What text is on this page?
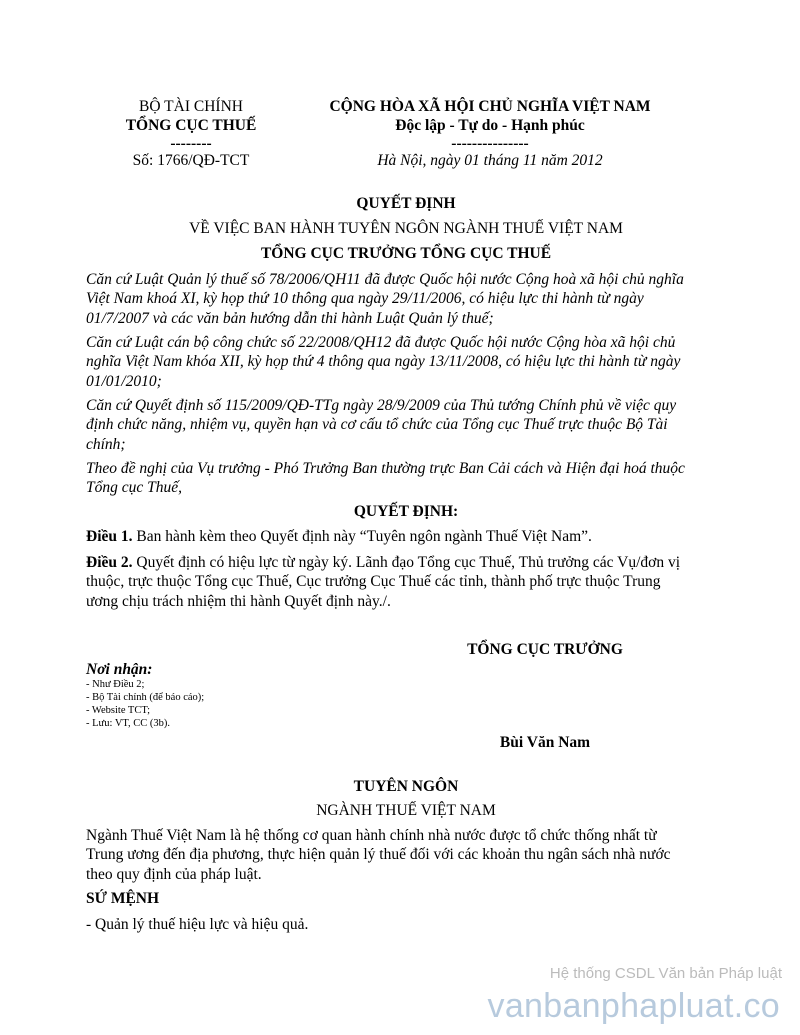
BỘ TÀI CHÍNH
TỔNG CỤC THUẾ
--------
Số: 1766/QĐ-TCT
CỘNG HÒA XÃ HỘI CHỦ NGHĨA VIỆT NAM
Độc lập - Tự do - Hạnh phúc
---------------
Hà Nội, ngày 01 tháng 11 năm 2012
QUYẾT ĐỊNH
VỀ VIỆC BAN HÀNH TUYÊN NGÔN NGÀNH THUẾ VIỆT NAM
TỔNG CỤC TRƯỞNG TỔNG CỤC THUẾ
Căn cứ Luật Quản lý thuế số 78/2006/QH11 đã được Quốc hội nước Cộng hoà xã hội chủ nghĩa
Việt Nam khoá XI, kỳ họp thứ 10 thông qua ngày 29/11/2006, có hiệu lực thi hành từ ngày
01/7/2007 và các văn bản hướng dẫn thi hành Luật Quản lý thuế;
Căn cứ Luật cán bộ công chức số 22/2008/QH12 đã được Quốc hội nước Cộng hòa xã hội chủ
nghĩa Việt Nam khóa XII, kỳ họp thứ 4 thông qua ngày 13/11/2008, có hiệu lực thi hành từ ngày
01/01/2010;
Căn cứ Quyết định số 115/2009/QĐ-TTg ngày 28/9/2009 của Thủ tướng Chính phủ về việc quy
định chức năng, nhiệm vụ, quyền hạn và cơ cấu tổ chức của Tổng cục Thuế trực thuộc Bộ Tài
chính;
Theo đề nghị của Vụ trưởng - Phó Trưởng Ban thường trực Ban Cải cách và Hiện đại hoá thuộc
Tổng cục Thuế,
QUYẾT ĐỊNH:
Điều 1. Ban hành kèm theo Quyết định này “Tuyên ngôn ngành Thuế Việt Nam”.
Điều 2. Quyết định có hiệu lực từ ngày ký. Lãnh đạo Tổng cục Thuế, Thủ trưởng các Vụ/đơn vị
thuộc, trực thuộc Tổng cục Thuế, Cục trưởng Cục Thuế các tỉnh, thành phố trực thuộc Trung
ương chịu trách nhiệm thi hành Quyết định này./.
TỔNG CỤC TRƯỞNG
Nơi nhận:
- Như Điều 2;
- Bộ Tài chính (để báo cáo);
- Website TCT;
- Lưu: VT, CC (3b).
Bùi Văn Nam
TUYÊN NGÔN
NGÀNH THUẾ VIỆT NAM
Ngành Thuế Việt Nam là hệ thống cơ quan hành chính nhà nước được tổ chức thống nhất từ
Trung ương đến địa phương, thực hiện quản lý thuế đối với các khoản thu ngân sách nhà nước
theo quy định của pháp luật.
SỨ MỆNH
- Quản lý thuế hiệu lực và hiệu quả.
Hệ thống CSDL Văn bản Pháp luật
vanbanphapluat.co
